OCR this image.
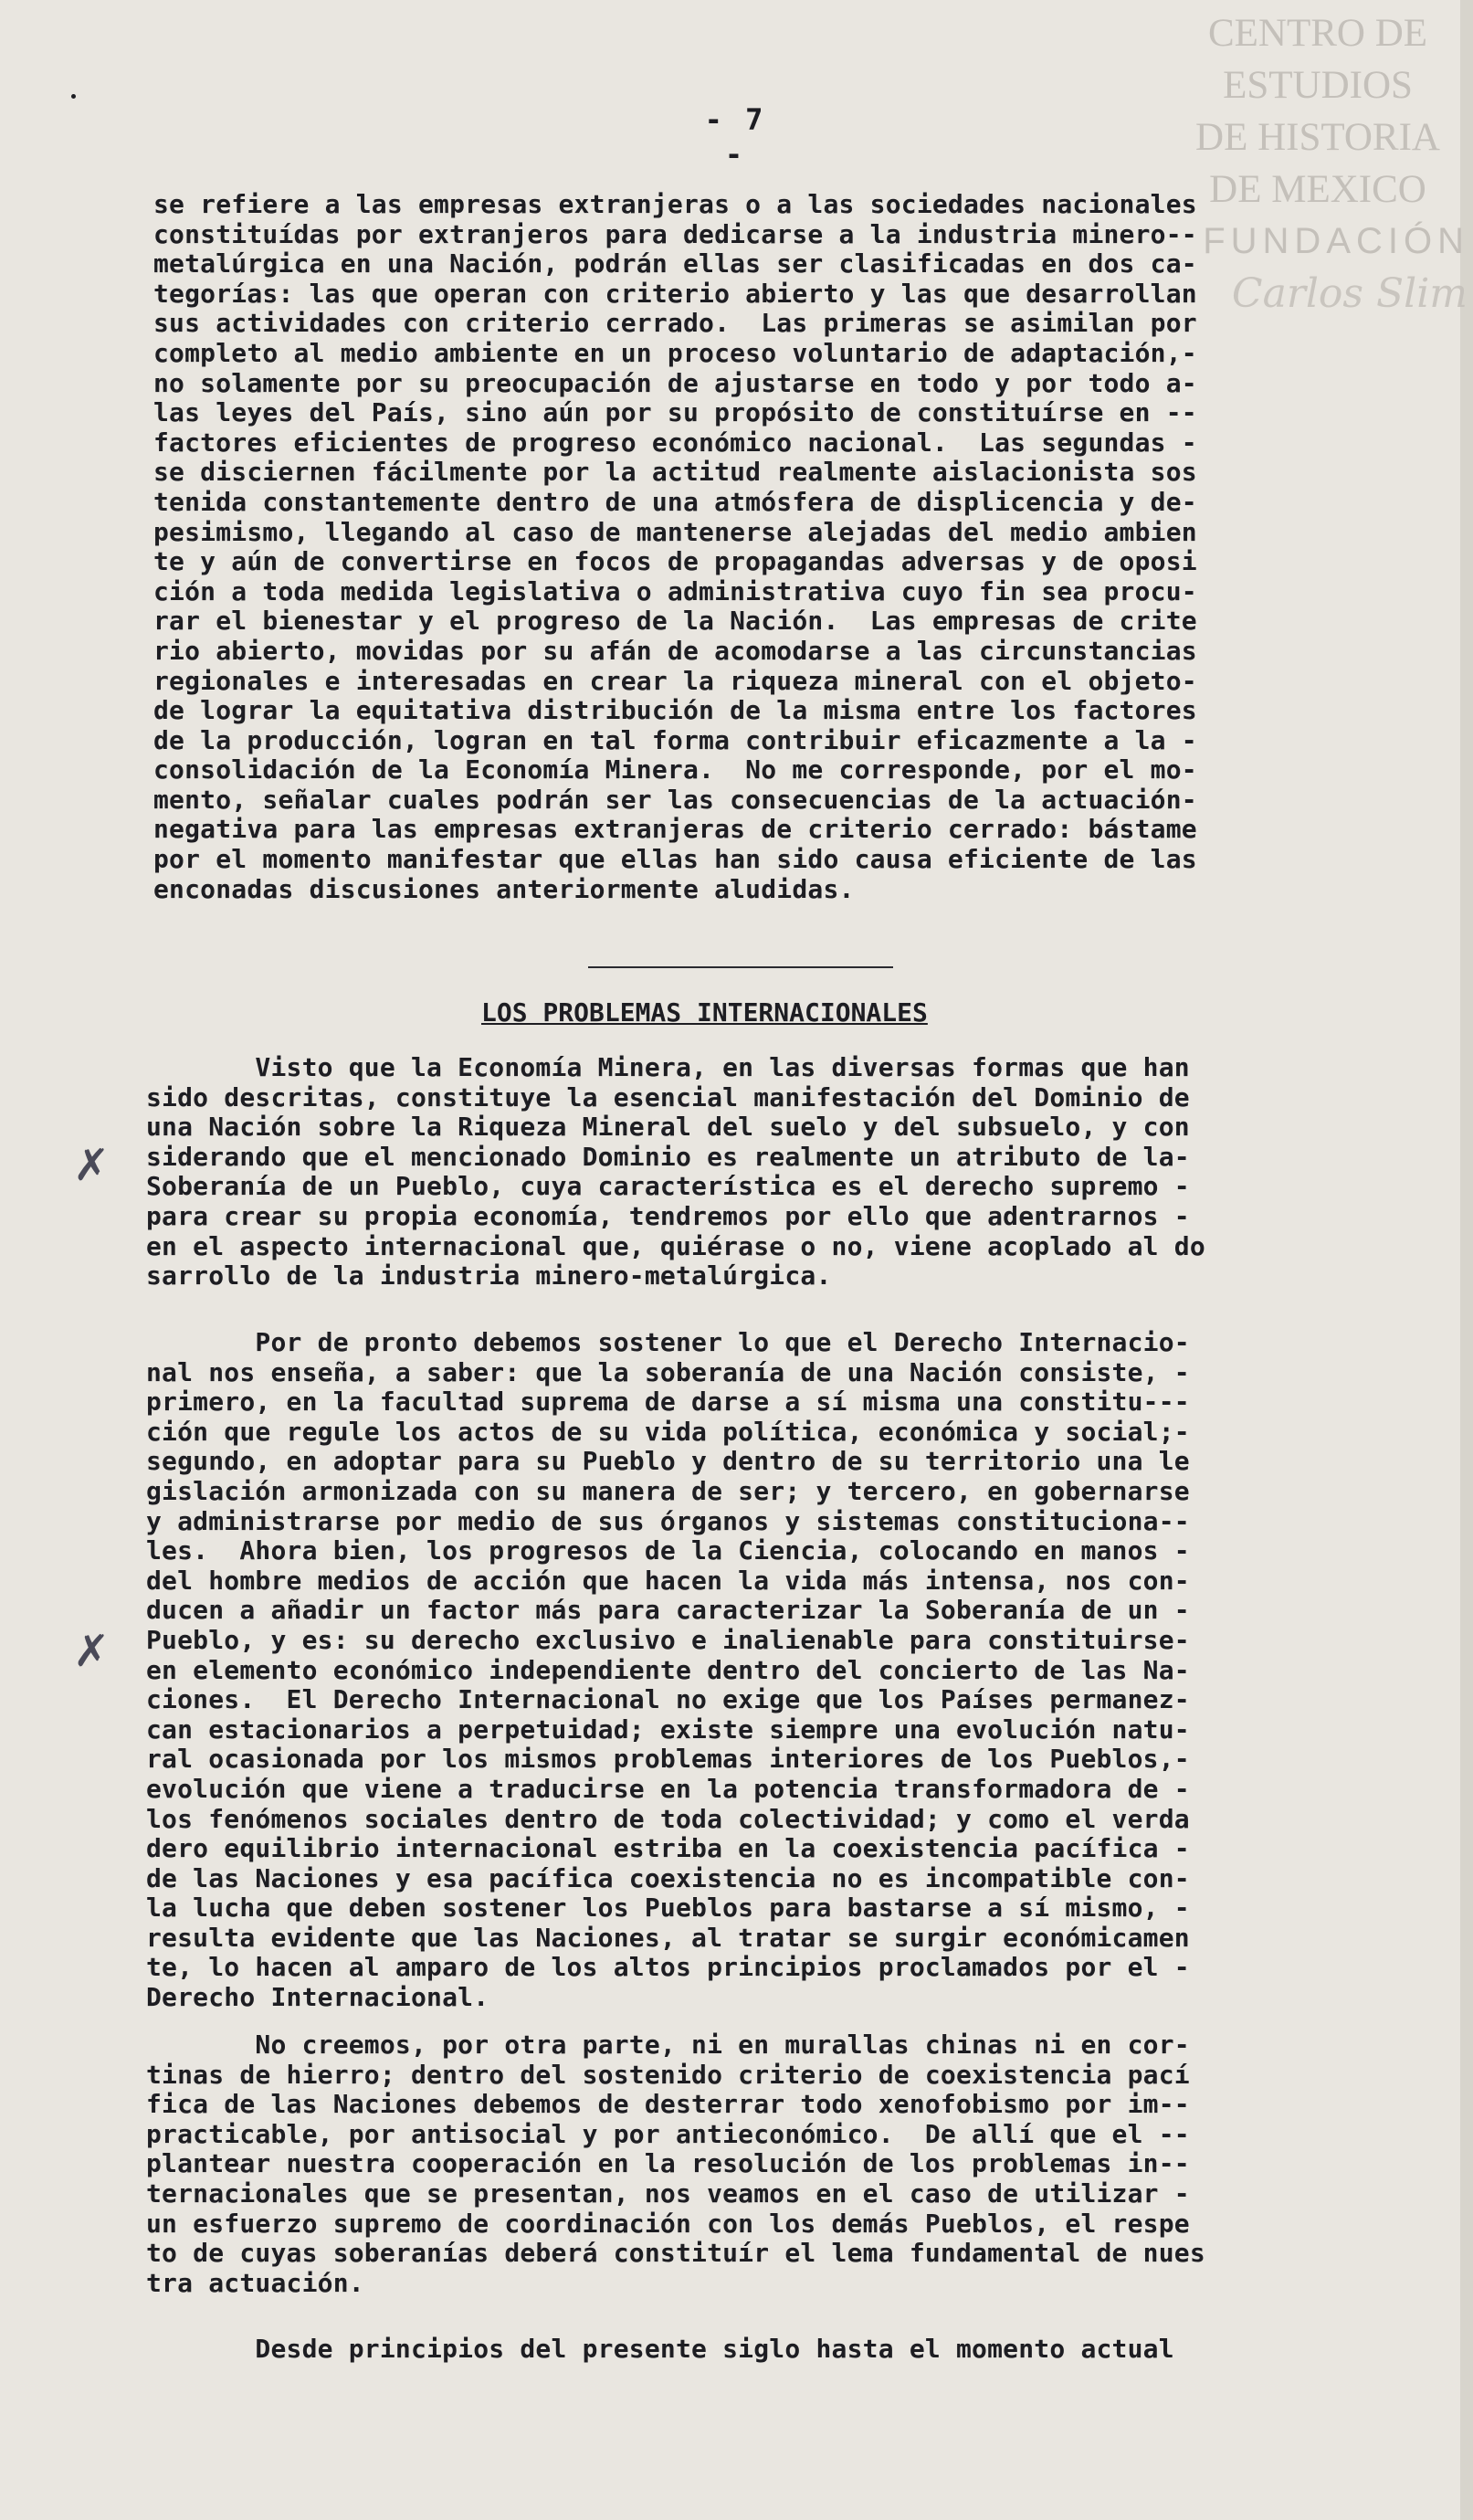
CENTRO DE
ESTUDIOS
DE HISTORIA
DE MEXICO
FUNDACIÓN
Carlos Slim
- 7 -
se refiere a las empresas extranjeras o a las sociedades nacionales
constituídas por extranjeros para dedicarse a la industria minero--
metalúrgica en una Nación, podrán ellas ser clasificadas en dos ca-
tegorías: las que operan con criterio abierto y las que desarrollan
sus actividades con criterio cerrado.  Las primeras se asimilan por
completo al medio ambiente en un proceso voluntario de adaptación,-
no solamente por su preocupación de ajustarse en todo y por todo a-
las leyes del País, sino aún por su propósito de constituírse en --
factores eficientes de progreso económico nacional.  Las segundas -
se disciernen fácilmente por la actitud realmente aislacionista sos
tenida constantemente dentro de una atmósfera de displicencia y de-
pesimismo, llegando al caso de mantenerse alejadas del medio ambien
te y aún de convertirse en focos de propagandas adversas y de oposi
ción a toda medida legislativa o administrativa cuyo fin sea procu-
rar el bienestar y el progreso de la Nación.  Las empresas de crite
rio abierto, movidas por su afán de acomodarse a las circunstancias
regionales e interesadas en crear la riqueza mineral con el objeto-
de lograr la equitativa distribución de la misma entre los factores
de la producción, logran en tal forma contribuir eficazmente a la -
consolidación de la Economía Minera.  No me corresponde, por el mo-
mento, señalar cuales podrán ser las consecuencias de la actuación-
negativa para las empresas extranjeras de criterio cerrado: bástame
por el momento manifestar que ellas han sido causa eficiente de las
enconadas discusiones anteriormente aludidas.
LOS PROBLEMAS INTERNACIONALES
✗
Visto que la Economía Minera, en las diversas formas que han
sido descritas, constituye la esencial manifestación del Dominio de
una Nación sobre la Riqueza Mineral del suelo y del subsuelo, y con
siderando que el mencionado Dominio es realmente un atributo de la-
Soberanía de un Pueblo, cuya característica es el derecho supremo -
para crear su propia economía, tendremos por ello que adentrarnos -
en el aspecto internacional que, quiérase o no, viene acoplado al do
sarrollo de la industria minero-metalúrgica.
Por de pronto debemos sostener lo que el Derecho Internacio-
nal nos enseña, a saber: que la soberanía de una Nación consiste, -
primero, en la facultad suprema de darse a sí misma una constitu---
ción que regule los actos de su vida política, económica y social;-
segundo, en adoptar para su Pueblo y dentro de su territorio una le
gislación armonizada con su manera de ser; y tercero, en gobernarse
y administrarse por medio de sus órganos y sistemas constituciona--
les.  Ahora bien, los progresos de la Ciencia, colocando en manos -
del hombre medios de acción que hacen la vida más intensa, nos con-
ducen a añadir un factor más para caracterizar la Soberanía de un -
Pueblo, y es: su derecho exclusivo e inalienable para constituirse-
en elemento económico independiente dentro del concierto de las Na-
ciones.  El Derecho Internacional no exige que los Países permanez-
can estacionarios a perpetuidad; existe siempre una evolución natu-
ral ocasionada por los mismos problemas interiores de los Pueblos,-
evolución que viene a traducirse en la potencia transformadora de -
los fenómenos sociales dentro de toda colectividad; y como el verda
dero equilibrio internacional estriba en la coexistencia pacífica -
de las Naciones y esa pacífica coexistencia no es incompatible con-
la lucha que deben sostener los Pueblos para bastarse a sí mismo, -
resulta evidente que las Naciones, al tratar se surgir económicamen
te, lo hacen al amparo de los altos principios proclamados por el -
Derecho Internacional.
✗
No creemos, por otra parte, ni en murallas chinas ni en cor-
tinas de hierro; dentro del sostenido criterio de coexistencia pací
fica de las Naciones debemos de desterrar todo xenofobismo por im--
practicable, por antisocial y por antieconómico.  De allí que el --
plantear nuestra cooperación en la resolución de los problemas in--
ternacionales que se presentan, nos veamos en el caso de utilizar -
un esfuerzo supremo de coordinación con los demás Pueblos, el respe
to de cuyas soberanías deberá constituír el lema fundamental de nues
tra actuación.
Desde principios del presente siglo hasta el momento actual
